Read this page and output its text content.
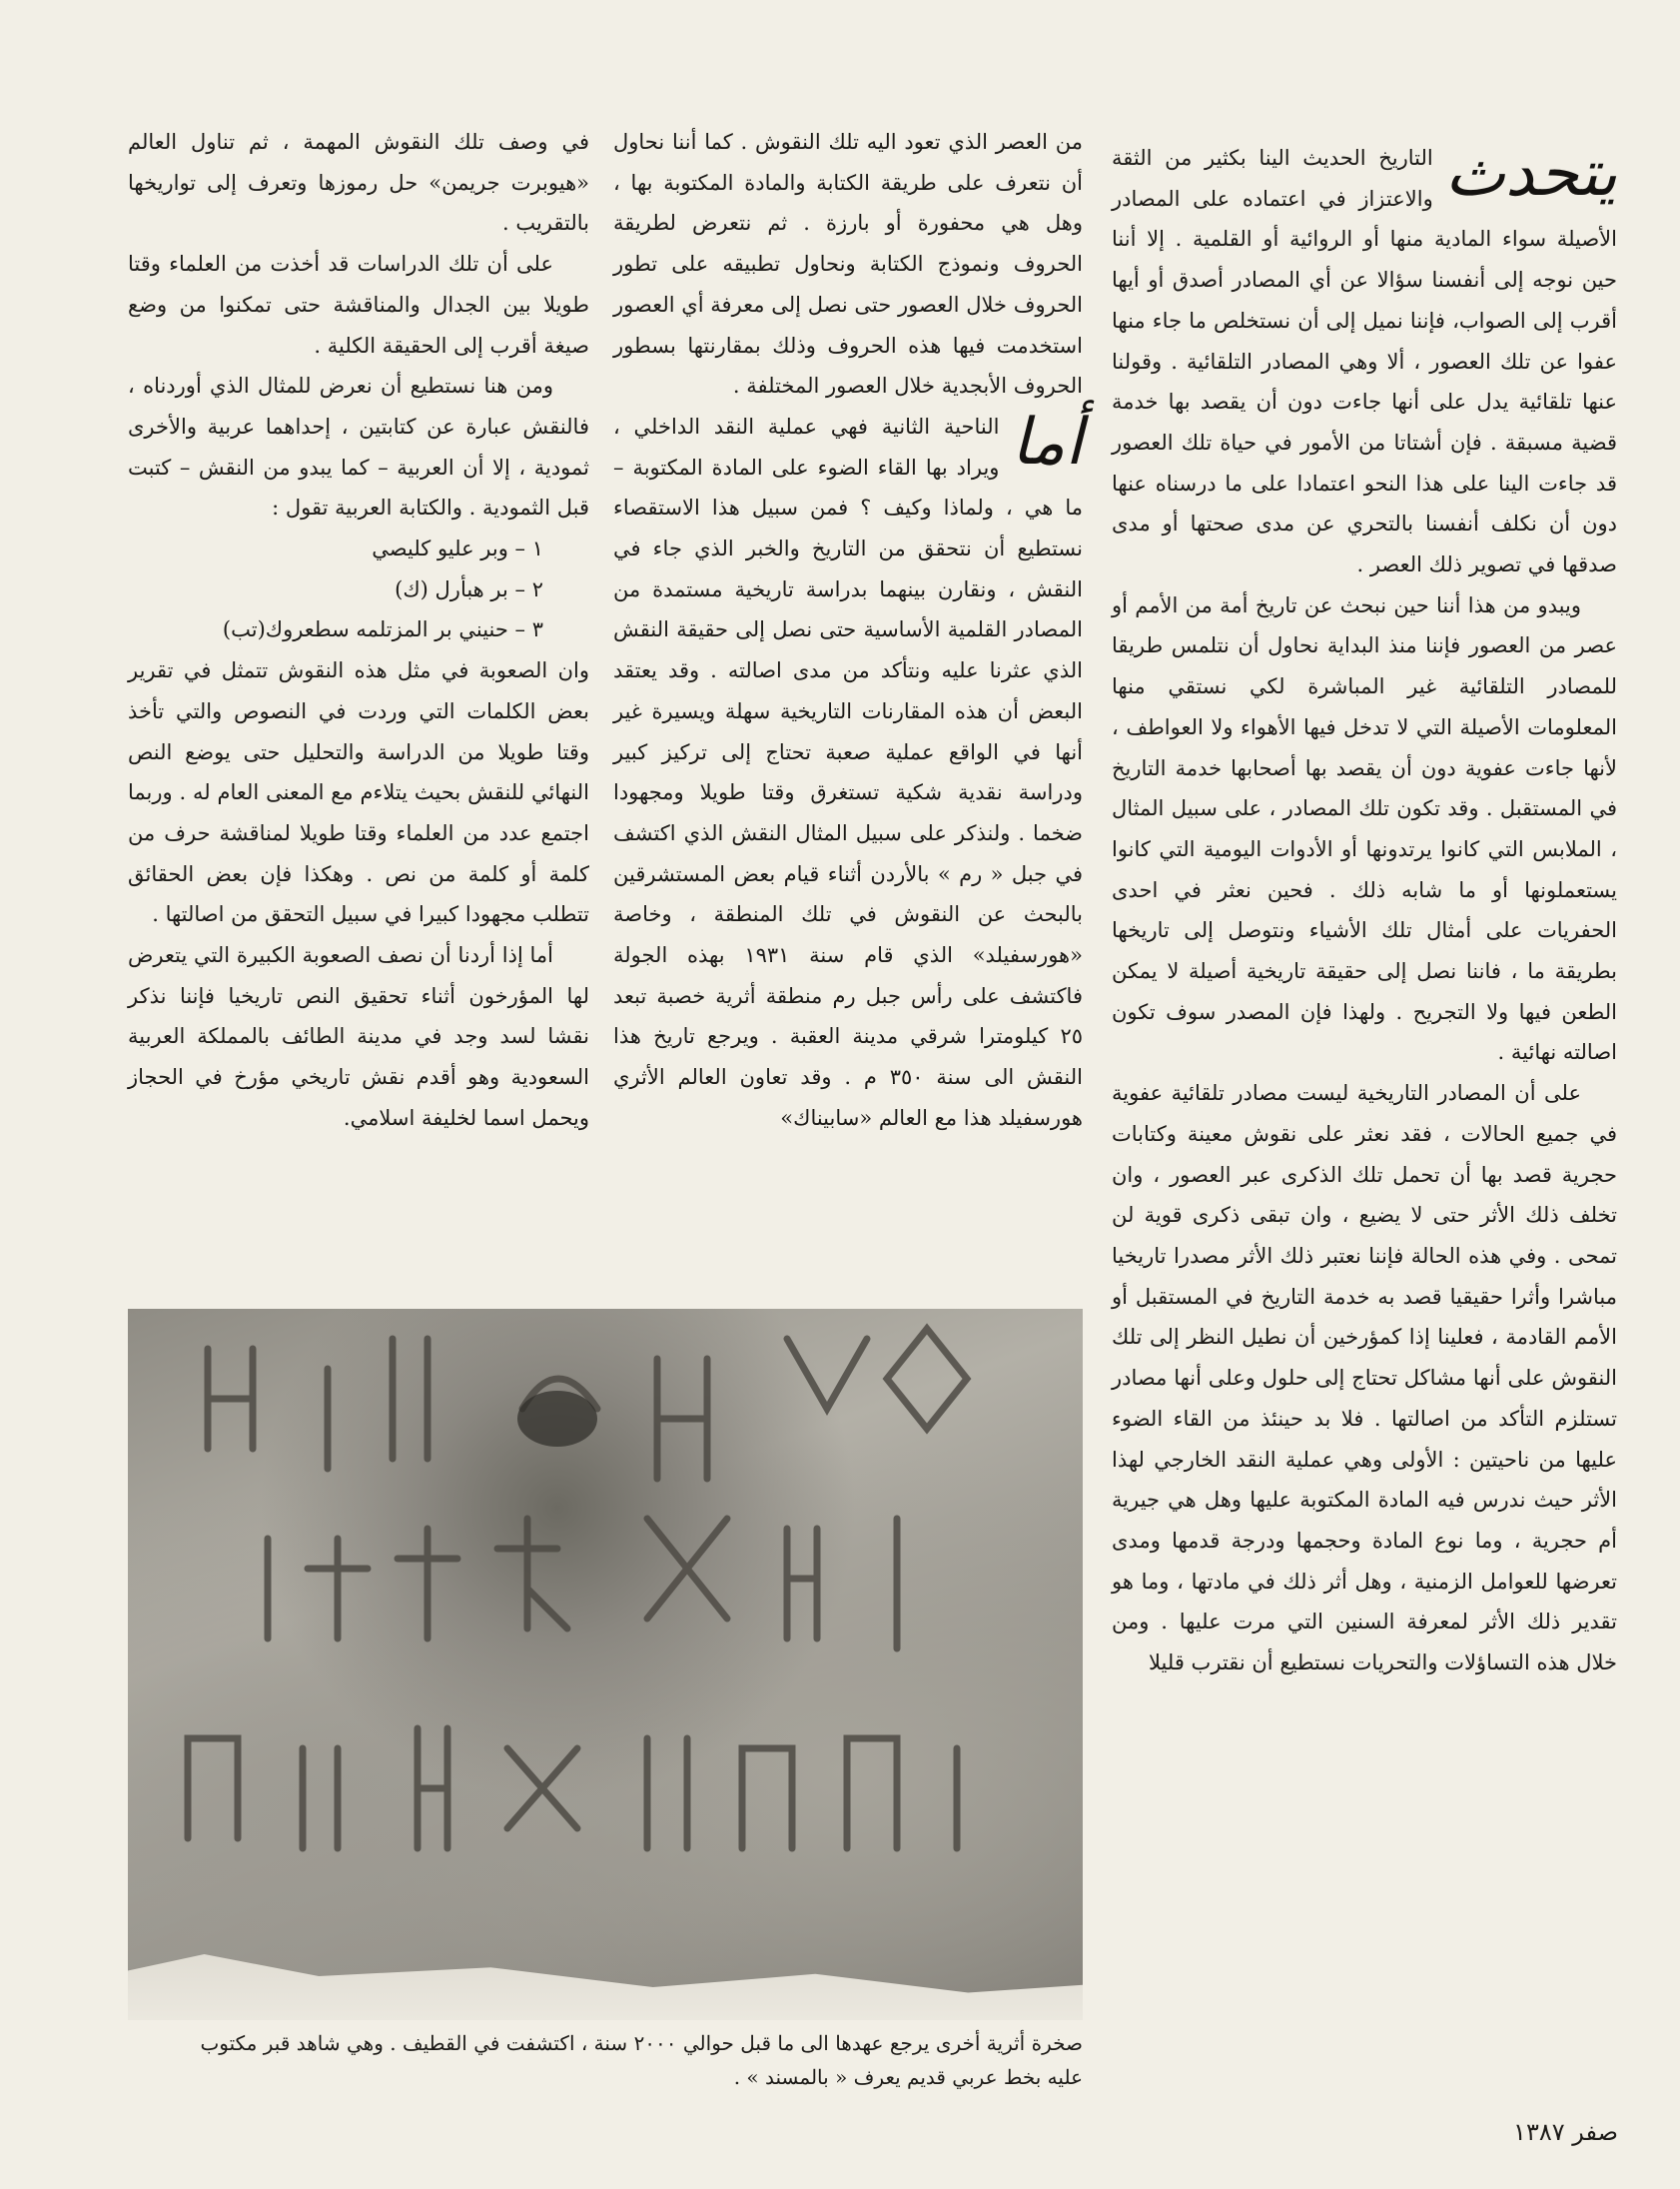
يتحدث
التاريخ الحديث الينا بكثير من الثقة والاعتزاز في اعتماده على المصادر الأصيلة سواء المادية منها أو الروائية أو القلمية . إلا أننا حين نوجه إلى أنفسنا سؤالا عن أي المصادر أصدق أو أيها أقرب إلى الصواب، فإننا نميل إلى أن نستخلص ما جاء منها عفوا عن تلك العصور ، ألا وهي المصادر التلقائية . وقولنا عنها تلقائية يدل على أنها جاءت دون أن يقصد بها خدمة قضية مسبقة . فإن أشتاتا من الأمور في حياة تلك العصور قد جاءت الينا على هذا النحو اعتمادا على ما درسناه عنها دون أن نكلف أنفسنا بالتحري عن مدى صحتها أو مدى صدقها في تصوير ذلك العصر .

ويبدو من هذا أننا حين نبحث عن تاريخ أمة من الأمم أو عصر من العصور فإننا منذ البداية نحاول أن نتلمس طريقا للمصادر التلقائية غير المباشرة لكي نستقي منها المعلومات الأصيلة التي لا تدخل فيها الأهواء ولا العواطف ، لأنها جاءت عفوية دون أن يقصد بها أصحابها خدمة التاريخ في المستقبل . وقد تكون تلك المصادر ، على سبيل المثال ، الملابس التي كانوا يرتدونها أو الأدوات اليومية التي كانوا يستعملونها أو ما شابه ذلك . فحين نعثر في احدى الحفريات على أمثال تلك الأشياء ونتوصل إلى تاريخها بطريقة ما ، فاننا نصل إلى حقيقة تاريخية أصيلة لا يمكن الطعن فيها ولا التجريح . ولهذا فإن المصدر سوف تكون اصالته نهائية .

على أن المصادر التاريخية ليست مصادر تلقائية عفوية في جميع الحالات ، فقد نعثر على نقوش معينة وكتابات حجرية قصد بها أن تحمل تلك الذكرى عبر العصور ، وان تخلف ذلك الأثر حتى لا يضيع ، وان تبقى ذكرى قوية لن تمحى . وفي هذه الحالة فإننا نعتبر ذلك الأثر مصدرا تاريخيا مباشرا وأثرا حقيقيا قصد به خدمة التاريخ في المستقبل أو الأمم القادمة ، فعلينا إذا كمؤرخين أن نطيل النظر إلى تلك النقوش على أنها مشاكل تحتاج إلى حلول وعلى أنها مصادر تستلزم التأكد من اصالتها . فلا بد حينئذ من القاء الضوء عليها من ناحيتين : الأولى وهي عملية النقد الخارجي لهذا الأثر حيث ندرس فيه المادة المكتوبة عليها وهل هي جيرية أم حجرية ، وما نوع المادة وحجمها ودرجة قدمها ومدى تعرضها للعوامل الزمنية ، وهل أثر ذلك في مادتها ، وما هو تقدير ذلك الأثر لمعرفة السنين التي مرت عليها . ومن خلال هذه التساؤلات والتحريات نستطيع أن نقترب قليلا

من العصر الذي تعود اليه تلك النقوش . كما أننا نحاول أن نتعرف على طريقة الكتابة والمادة المكتوبة بها ، وهل هي محفورة أو بارزة . ثم نتعرض لطريقة الحروف ونموذج الكتابة ونحاول تطبيقه على تطور الحروف خلال العصور حتى نصل إلى معرفة أي العصور استخدمت فيها هذه الحروف وذلك بمقارنتها بسطور الحروف الأبجدية خلال العصور المختلفة .

أما
الناحية الثانية فهي عملية النقد الداخلي ، ويراد بها القاء الضوء على المادة المكتوبة – ما هي ، ولماذا وكيف ؟ فمن سبيل هذا الاستقصاء نستطيع أن نتحقق من التاريخ والخبر الذي جاء في النقش ، ونقارن بينهما بدراسة تاريخية مستمدة من المصادر القلمية الأساسية حتى نصل إلى حقيقة النقش الذي عثرنا عليه ونتأكد من مدى اصالته . وقد يعتقد البعض أن هذه المقارنات التاريخية سهلة ويسيرة غير أنها في الواقع عملية صعبة تحتاج إلى تركيز كبير ودراسة نقدية شكية تستغرق وقتا طويلا ومجهودا ضخما . ولنذكر على سبيل المثال النقش الذي اكتشف في جبل « رم » بالأردن أثناء قيام بعض المستشرقين بالبحث عن النقوش في تلك المنطقة ، وخاصة «هورسفيلد» الذي قام سنة ١٩٣١ بهذه الجولة فاكتشف على رأس جبل رم منطقة أثرية خصبة تبعد ٢٥ كيلومترا شرقي مدينة العقبة . ويرجع تاريخ هذا النقش الى سنة ٣٥٠ م . وقد تعاون العالم الأثري هورسفيلد هذا مع العالم «سابيناك»

في وصف تلك النقوش المهمة ، ثم تناول العالم «هيوبرت جريمن» حل رموزها وتعرف إلى تواريخها بالتقريب .

على أن تلك الدراسات قد أخذت من العلماء وقتا طويلا بين الجدال والمناقشة حتى تمكنوا من وضع صيغة أقرب إلى الحقيقة الكلية .

ومن هنا نستطيع أن نعرض للمثال الذي أوردناه ، فالنقش عبارة عن كتابتين ، إحداهما عربية والأخرى ثمودية ، إلا أن العربية – كما يبدو من النقش – كتبت قبل الثمودية . والكتابة العربية تقول :

١ – وبر عليو كليصي
٢ – بر هبأرل (ك)
٣ – حنيني بر المزتلمه سطعروك(تب)

وان الصعوبة في مثل هذه النقوش تتمثل في تقرير بعض الكلمات التي وردت في النصوص والتي تأخذ وقتا طويلا من الدراسة والتحليل حتى يوضع النص النهائي للنقش بحيث يتلاءم مع المعنى العام له . وربما اجتمع عدد من العلماء وقتا طويلا لمناقشة حرف من كلمة أو كلمة من نص . وهكذا فإن بعض الحقائق تتطلب مجهودا كبيرا في سبيل التحقق من اصالتها .

أما إذا أردنا أن نصف الصعوبة الكبيرة التي يتعرض لها المؤرخون أثناء تحقيق النص تاريخيا فإننا نذكر نقشا لسد وجد في مدينة الطائف بالمملكة العربية السعودية وهو أقدم نقش تاريخي مؤرخ في الحجاز ويحمل اسما لخليفة اسلامي.

صخرة أثرية أخرى يرجع عهدها الى ما قبل حوالي ٢٠٠٠ سنة ، اكتشفت في القطيف . وهي شاهد قبر مكتوب

عليه بخط عربي قديم يعرف « بالمسند » .

صفر ١٣٨٧
